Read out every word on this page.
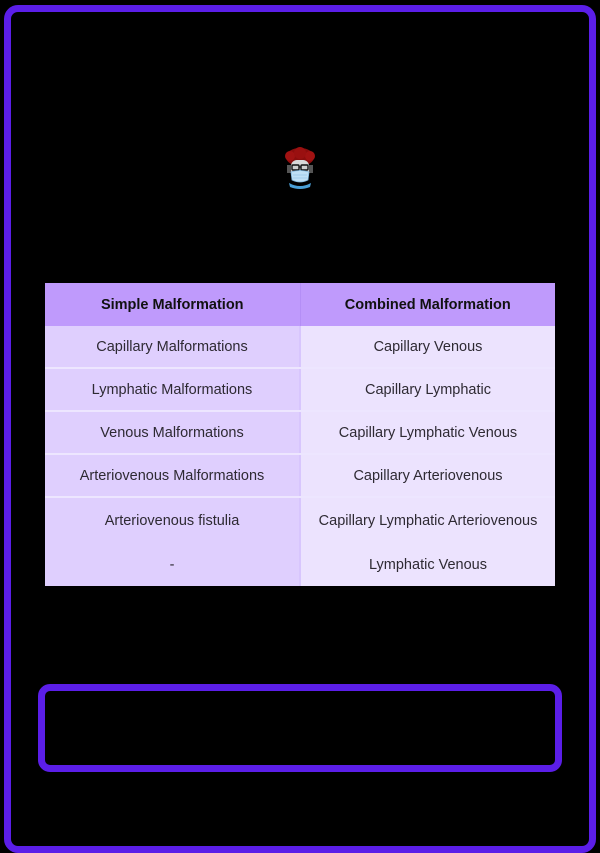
Simple Malformation	Combined Malformation
Capillary Malformations	Capillary Venous
Lymphatic Malformations	Capillary Lymphatic
Venous Malformations	Capillary Lymphatic Venous
Arteriovenous Malformations	Capillary Arteriovenous
Arteriovenous fistulia	Capillary Lymphatic Arteriovenous
-	Lymphatic Venous
